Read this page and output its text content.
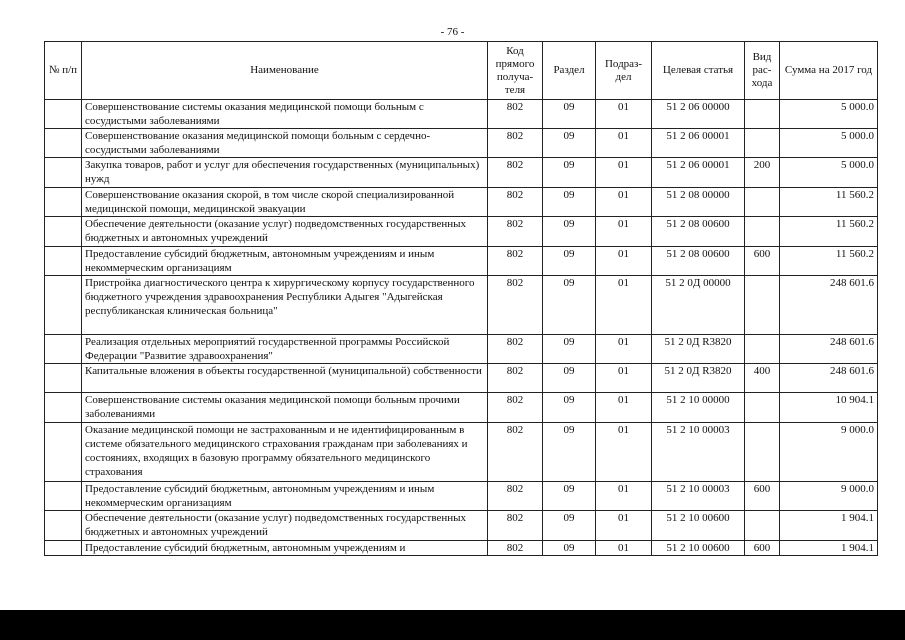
- 76 -
№ п/п	Наименование	Код прямого получа-теля	Раздел	Подраз-дел	Целевая статья	Вид рас-хода	Сумма на 2017 год
	Совершенствование системы оказания медицинской помощи больным с сосудистыми заболеваниями	802	09	01	51 2 06 00000		5 000.0
	Совершенствование оказания медицинской помощи больным с сердечно-сосудистыми заболеваниями	802	09	01	51 2 06 00001		5 000.0
	Закупка товаров, работ и услуг для обеспечения государственных (муниципальных) нужд	802	09	01	51 2 06 00001	200	5 000.0
	Совершенствование оказания скорой, в том числе скорой специализированной медицинской помощи, медицинской эвакуации	802	09	01	51 2 08 00000		11 560.2
	Обеспечение деятельности (оказание услуг) подведомственных государственных бюджетных и автономных учреждений	802	09	01	51 2 08 00600		11 560.2
	Предоставление субсидий бюджетным, автономным учреждениям и иным некоммерческим организациям	802	09	01	51 2 08 00600	600	11 560.2
	Пристройка диагностического центра к хирургическому корпусу государственного бюджетного учреждения здравоохранения Республики Адыгея "Адыгейская республиканская клиническая больница"	802	09	01	51 2 0Д 00000		248 601.6
	Реализация отдельных мероприятий государственной программы Российской Федерации "Развитие здравоохранения"	802	09	01	51 2 0Д R3820		248 601.6
	Капитальные вложения в объекты государственной (муниципальной) собственности	802	09	01	51 2 0Д R3820	400	248 601.6
	Совершенствование системы оказания медицинской помощи больным прочими заболеваниями	802	09	01	51 2 10 00000		10 904.1
	Оказание медицинской помощи не застрахованным и не идентифицированным в системе обязательного медицинского страхования гражданам при заболеваниях и состояниях, входящих в базовую программу обязательного медицинского страхования	802	09	01	51 2 10 00003		9 000.0
	Предоставление субсидий бюджетным, автономным учреждениям и иным некоммерческим организациям	802	09	01	51 2 10 00003	600	9 000.0
	Обеспечение деятельности (оказание услуг) подведомственных государственных бюджетных и автономных учреждений	802	09	01	51 2 10 00600		1 904.1
	Предоставление субсидий бюджетным, автономным учреждениям и	802	09	01	51 2 10 00600	600	1 904.1
